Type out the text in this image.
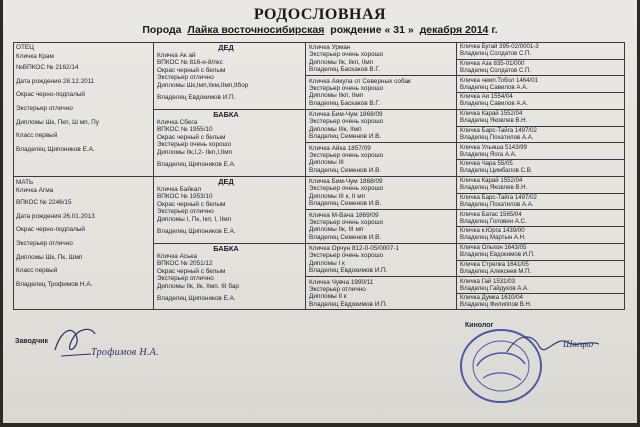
РОДОСЛОВНАЯ
Порода Лайка восточносибирская рождение « 31 » декабря 2014 г.
ОТЕЦ
Кличка Крам
№ВПКОС № 2162/14
Дата рождения 28.12.2011
Окрас черно-подпалый
Экстерьер отлично
Дипломы Шк, Пкп, Ш мп, Пу
Класс первый
Владелец Щипоников Е.А.
МАТЬ
Кличка Агма
ВПКОС № 2246/15
Дата рождения 26.01.2013
Окрас черно-подпалый
Экстерьер отлично
Дипломы Шк, Пк, Шмп
Класс первый
Владелец Трофимов Н.А.
ДЕД
Кличка Ак ай
ВПКОС № 816-и-8/пкс
Окрас черный с белым
Экстерьер отлично
Дипломы Шк,Iмп,IIкм,IIмп,IIбор
Владелец Евдокимов И.П.
БАБКА
Кличка Сбега
ВПКОС № 1955/10
Окрас черный с белым
Экстерьер очень хорошо
Дипломы IIк,I,2- IIкп,I,IIмп
Владелец Щипоников Е.А.
ДЕД
Кличка Байкал
ВПКОС № 1953/10
Окрас черный с белым
Экстерьер отлично
Дипломы I, Пк, Iкп, I, IIмп
Владелец Щипоников Е.А.
БАБКА
Кличка Аська
ВПКОС № 2051/12
Окрас черный с белым
Экстерьер отлично
Дипломы IIк, IIк, IIмп, III бар
Владелец Щипоников Е.А.
Кличка Урман
Экстерьер очень хорошо
Дипломы IIк, IIкп, IIмп
Владелец Баскаков В.Г.
Кличка Аякула от Северных собак
Экстерьер очень хорошо
Дипломы IIкп, IIмп
Владелец Баскаков В.Г.
Кличка Бим-Чум 1868/09
Экстерьер очень хорошо
Дипломы IIIк, IIмп
Владелец Семенов И.В.
Кличка Айка 1857/09
Экстерьер очень хорошо
Дипломы III
Владелец Семенов И.В.
Кличка Бим-Чум 1868/09
Экстерьер очень хорошо
Дипломы III к, II мп
Владелец Семенов И.В.
Кличка М-Вача 1869/09
Экстерьер очень хорошо
Дипломы IIк, III мп
Владелец Семенов И.В.
Кличка Орчун 812-0-05/0007-1
Экстерьер очень хорошо
Дипломы I к
Владелец Евдокимов И.П.
Кличка Чувча 1990/11
Экстерьер отлично
Дипломы II к
Владелец Евдокимов И.П.
Кличка Бугай 395-02/0001-3
Владелец Солдатов С.П.
Кличка Аза 835-01/000
Владелец Солдатов С.П.
Кличка чемп.Тобол 1464/01
Владелец Савилов А.А.
Кличка Аи 1554/04
Владелец Савилов А.А.
Кличка Карай 1552/04
Владелец Яковлев В.Н.
Кличка Барс-Тайга 1497/02
Владелец Похатилов А.А.
Кличка Ульяша 5143/99
Владелец Яога А.А.
Кличка Чара 55/05
Владелец Цимбалов С.В.
Кличка Карай 1552/04
Владелец Яковлев В.Н.
Кличка Барс-Тайга 1497/02
Владелец Похатилов А.А.
Кличка Батас 1565/04
Владелец Головин А.С.
Кличка к.Юрга 1439/00
Владелец Мартын А.Н.
Кличка Ольхон 1643/05
Владелец Евдокимов И.П.
Кличка Стрелка 1641/05
Владелец Алексеев М.П.
Кличка Гай 1531/03
Владелец Гайдуков А.А.
Кличка Думка 1610/04
Владелец Филиппов В.Н.
Заводчик
Трофимов Н.А.
Кинолог
Швецко
